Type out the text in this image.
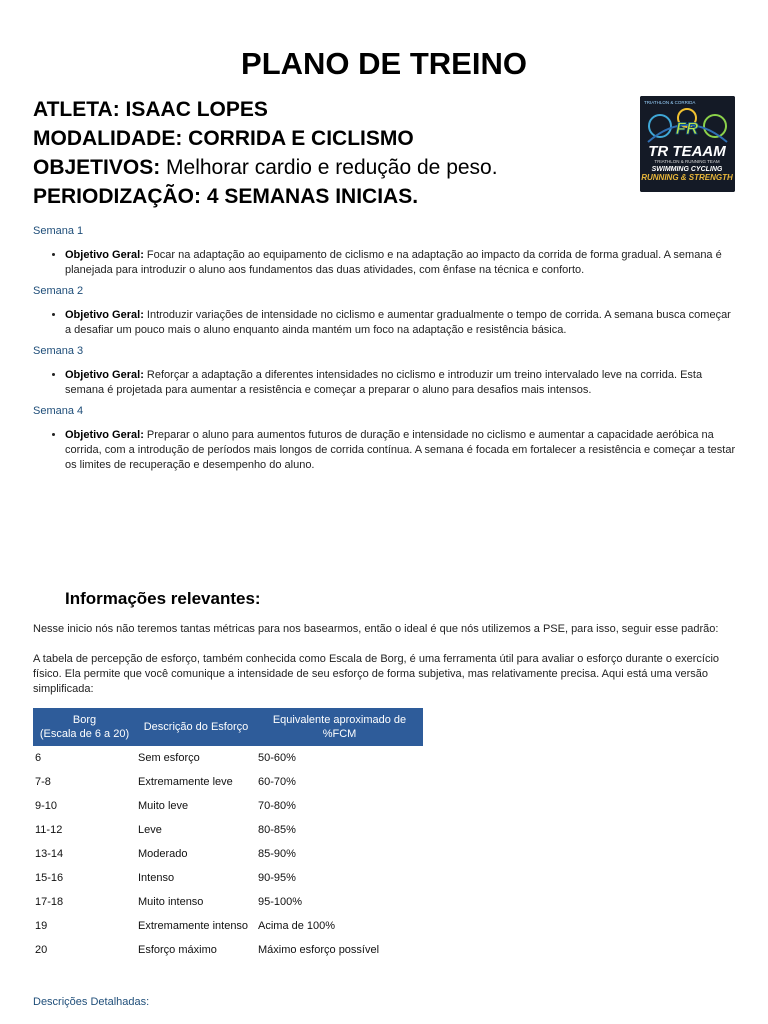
PLANO DE TREINO
ATLETA: ISAAC LOPES
MODALIDADE: CORRIDA E CICLISMO
OBJETIVOS: Melhorar cardio e redução de peso.
PERIODIZAÇÃO: 4 SEMANAS INICIAS.
TRIATHLON & CORRIDA
FR
TR TEAAM
TRIATHLON & RUNNING TEAM
SWIMMING CYCLING
RUNNING & STRENGTH

Semana 1

• Objetivo Geral: Focar na adaptação ao equipamento de ciclismo e na adaptação ao impacto da corrida de forma gradual. A semana é planejada para introduzir o aluno aos fundamentos das duas atividades, com ênfase na técnica e conforto.

Semana 2

• Objetivo Geral: Introduzir variações de intensidade no ciclismo e aumentar gradualmente o tempo de corrida. A semana busca começar a desafiar um pouco mais o aluno enquanto ainda mantém um foco na adaptação e resistência básica.

Semana 3

• Objetivo Geral: Reforçar a adaptação a diferentes intensidades no ciclismo e introduzir um treino intervalado leve na corrida. Esta semana é projetada para aumentar a resistência e começar a preparar o aluno para desafios mais intensos.

Semana 4

• Objetivo Geral: Preparar o aluno para aumentos futuros de duração e intensidade no ciclismo e aumentar a capacidade aeróbica na corrida, com a introdução de períodos mais longos de corrida contínua. A semana é focada em fortalecer a resistência e começar a testar os limites de recuperação e desempenho do aluno.
Informações relevantes:
Nesse inicio nós não teremos tantas métricas para nos basearmos, então o ideal é que nós utilizemos a PSE, para isso, seguir esse padrão:
A tabela de percepção de esforço, também conhecida como Escala de Borg, é uma ferramenta útil para avaliar o esforço durante o exercício físico. Ela permite que você comunique a intensidade de seu esforço de forma subjetiva, mas relativamente precisa. Aqui está uma versão simplificada:
Borg
(Escala de 6 a 20)	Descrição do Esforço	Equivalente aproximado de
%FCM
6	Sem esforço	50-60%
7-8	Extremamente leve	60-70%
9-10	Muito leve	70-80%
11-12	Leve	80-85%
13-14	Moderado	85-90%
15-16	Intenso	90-95%
17-18	Muito intenso	95-100%
19	Extremamente intenso	Acima de 100%
20	Esforço máximo	Máximo esforço possível
Descrições Detalhadas:
